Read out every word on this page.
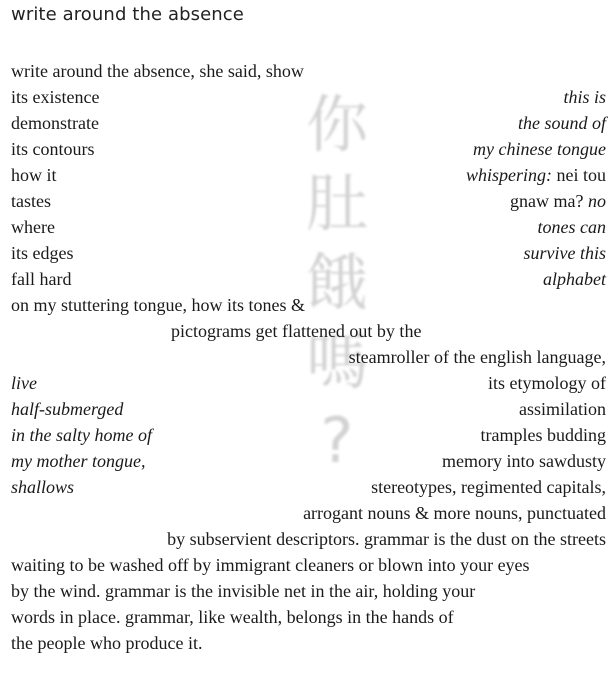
write around the absence
你
肚
餓
嗎
?
write around the absence, she said, show
its existence	this is
demonstrate	the sound of
its contours	my chinese tongue
how it	whispering: nei tou
tastes	gnaw ma? no
where	tones can
its edges	survive this
fall hard	alphabet
on my stuttering tongue, how its tones &
pictograms get flattened out by the
steamroller of the english language,
live	its etymology of
half-submerged	assimilation
in the salty home of	tramples budding
my mother tongue,	memory into sawdusty
shallows	stereotypes, regimented capitals,
arrogant nouns & more nouns, punctuated
by subservient descriptors. grammar is the dust on the streets
waiting to be washed off by immigrant cleaners or blown into your eyes
by the wind. grammar is the invisible net in the air, holding your
words in place. grammar, like wealth, belongs in the hands of
the people who produce it.
